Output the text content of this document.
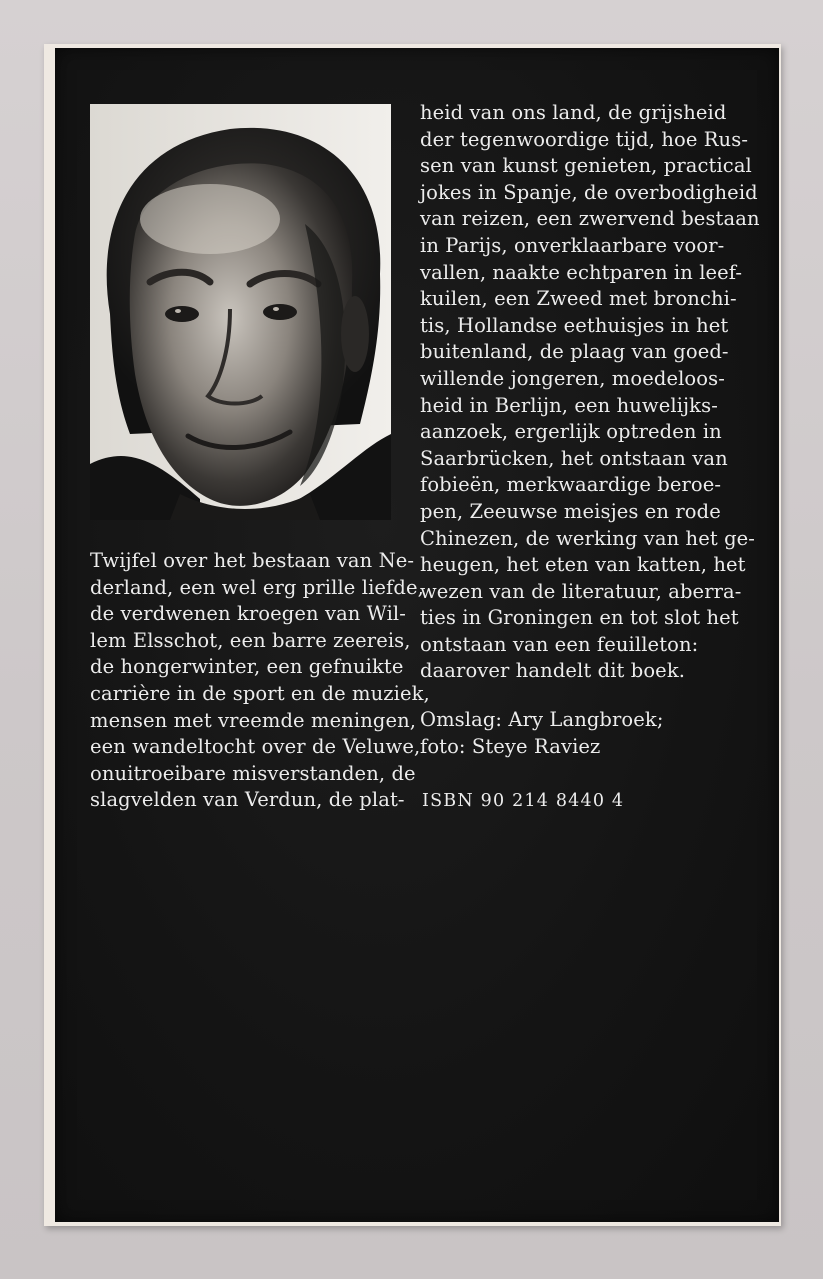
Twijfel over het bestaan van Ne-
derland, een wel erg prille liefde,
de verdwenen kroegen van Wil-
lem Elsschot, een barre zeereis,
de hongerwinter, een gefnuikte
carrière in de sport en de muziek,
mensen met vreemde meningen,
een wandeltocht over de Veluwe,
onuitroeibare misverstanden, de
slagvelden van Verdun, de plat-
heid van ons land, de grijsheid
der tegenwoordige tijd, hoe Rus-
sen van kunst genieten, practical
jokes in Spanje, de overbodigheid
van reizen, een zwervend bestaan
in Parijs, onverklaarbare voor-
vallen, naakte echtparen in leef-
kuilen, een Zweed met bronchi-
tis, Hollandse eethuisjes in het
buitenland, de plaag van goed-
willende jongeren, moedeloos-
heid in Berlijn, een huwelijks-
aanzoek, ergerlijk optreden in
Saarbrücken, het ontstaan van
fobieën, merkwaardige beroe-
pen, Zeeuwse meisjes en rode
Chinezen, de werking van het ge-
heugen, het eten van katten, het
wezen van de literatuur, aberra-
ties in Groningen en tot slot het
ontstaan van een feuilleton:
daarover handelt dit boek.
Omslag: Ary Langbroek;
foto: Steye Raviez
ISBN 90 214 8440 4
